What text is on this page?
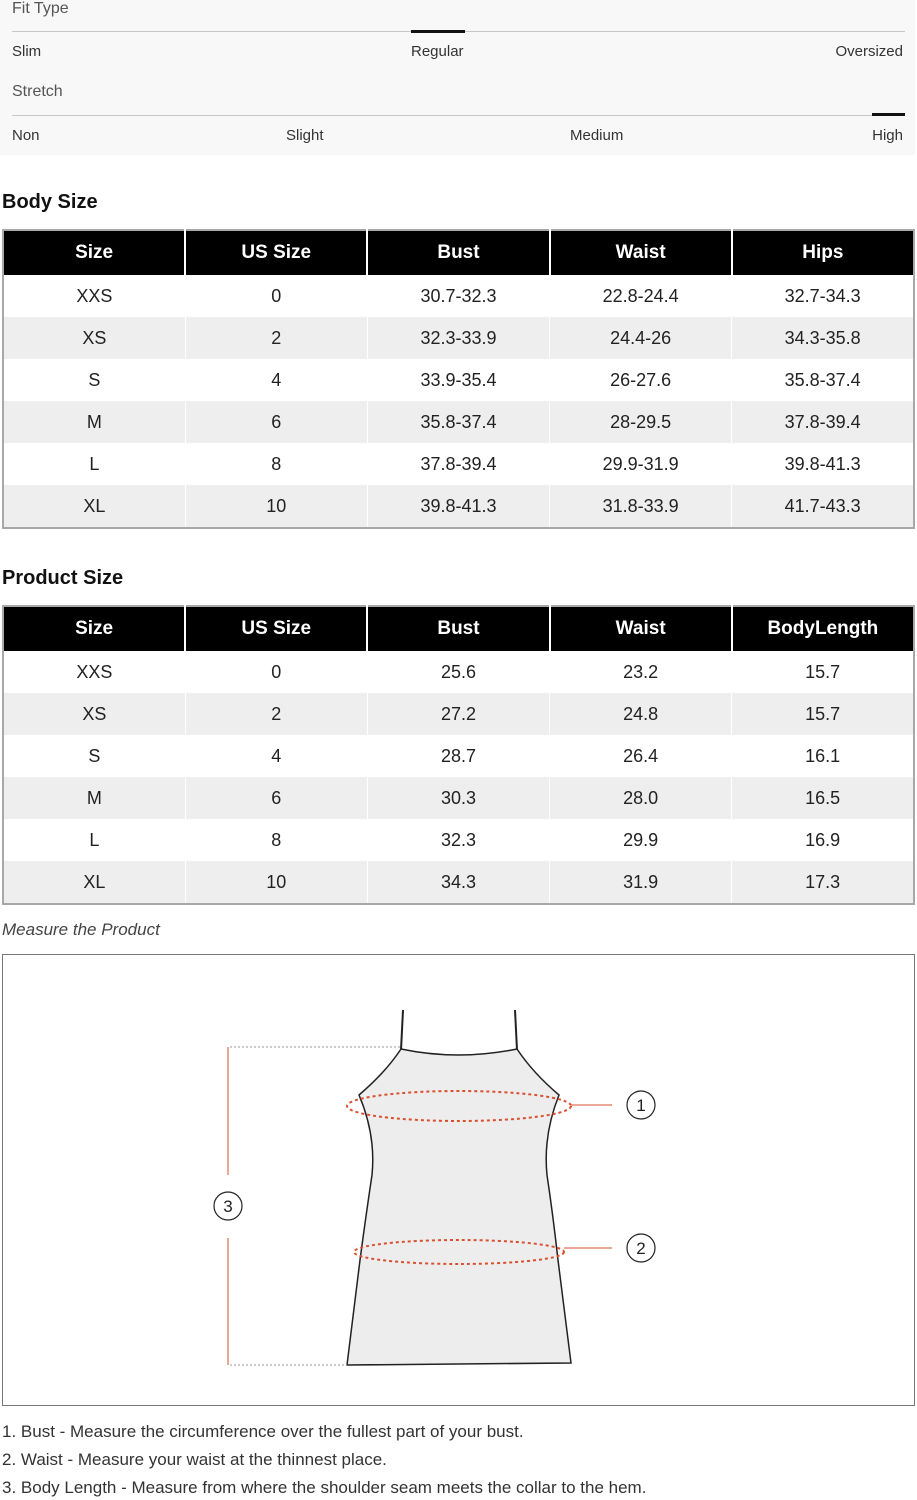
Fit Type
Slim	Regular	Oversized
Stretch
Non	Slight	Medium	High
Body Size
Size	US Size	Bust	Waist	Hips
XXS	0	30.7-32.3	22.8-24.4	32.7-34.3
XS	2	32.3-33.9	24.4-26	34.3-35.8
S	4	33.9-35.4	26-27.6	35.8-37.4
M	6	35.8-37.4	28-29.5	37.8-39.4
L	8	37.8-39.4	29.9-31.9	39.8-41.3
XL	10	39.8-41.3	31.8-33.9	41.7-43.3
Product Size
Size	US Size	Bust	Waist	BodyLength
XXS	0	25.6	23.2	15.7
XS	2	27.2	24.8	15.7
S	4	28.7	26.4	16.1
M	6	30.3	28.0	16.5
L	8	32.3	29.9	16.9
XL	10	34.3	31.9	17.3
Measure the Product
1
2
3
1. Bust - Measure the circumference over the fullest part of your bust.
2. Waist - Measure your waist at the thinnest place.
3. Body Length - Measure from where the shoulder seam meets the collar to the hem.
